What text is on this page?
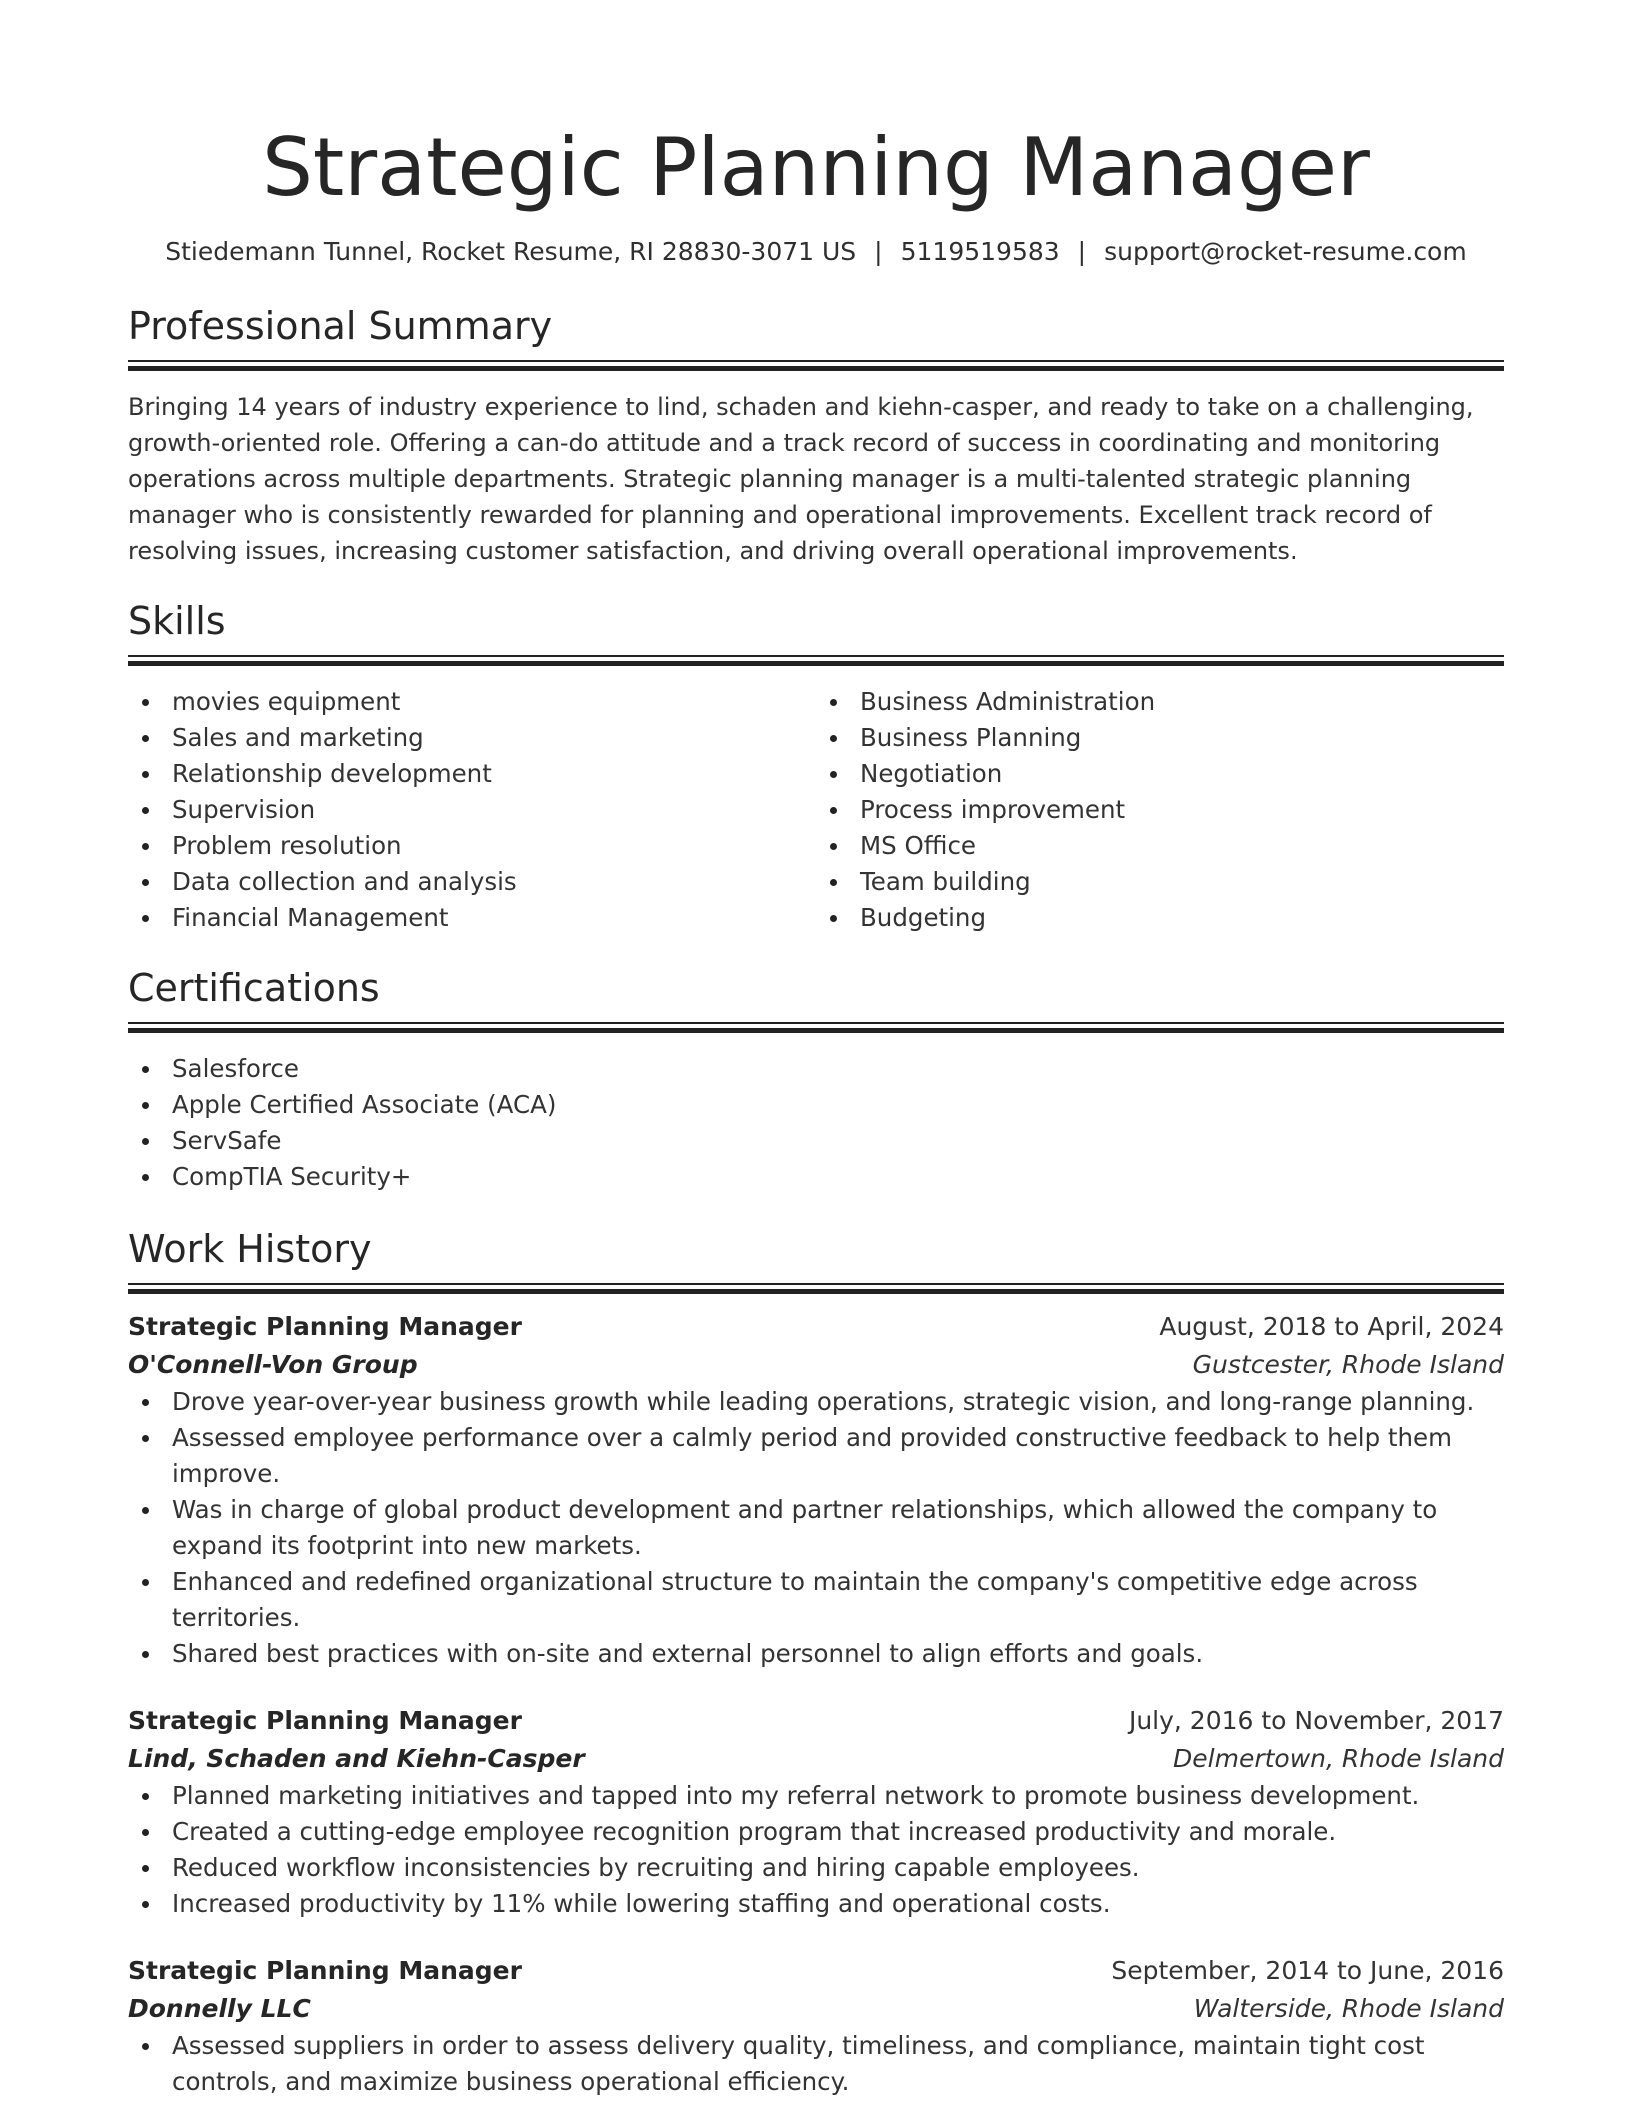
Strategic Planning Manager
Stiedemann Tunnel, Rocket Resume, RI 28830-3071 US | 5119519583 | support@rocket-resume.com
Professional Summary
Bringing 14 years of industry experience to lind, schaden and kiehn-casper, and ready to take on a challenging, growth-oriented role. Offering a can-do attitude and a track record of success in coordinating and monitoring operations across multiple departments. Strategic planning manager is a multi-talented strategic planning manager who is consistently rewarded for planning and operational improvements. Excellent track record of resolving issues, increasing customer satisfaction, and driving overall operational improvements.
Skills
movies equipment
Sales and marketing
Relationship development
Supervision
Problem resolution
Data collection and analysis
Financial Management
Business Administration
Business Planning
Negotiation
Process improvement
MS Office
Team building
Budgeting
Certifications
Salesforce
Apple Certified Associate (ACA)
ServSafe
CompTIA Security+
Work History
Strategic Planning Manager	August, 2018 to April, 2024
O'Connell-Von Group	Gustcester, Rhode Island
Drove year-over-year business growth while leading operations, strategic vision, and long-range planning.
Assessed employee performance over a calmly period and provided constructive feedback to help them improve.
Was in charge of global product development and partner relationships, which allowed the company to expand its footprint into new markets.
Enhanced and redefined organizational structure to maintain the company's competitive edge across territories.
Shared best practices with on-site and external personnel to align efforts and goals.
Strategic Planning Manager	July, 2016 to November, 2017
Lind, Schaden and Kiehn-Casper	Delmertown, Rhode Island
Planned marketing initiatives and tapped into my referral network to promote business development.
Created a cutting-edge employee recognition program that increased productivity and morale.
Reduced workflow inconsistencies by recruiting and hiring capable employees.
Increased productivity by 11% while lowering staffing and operational costs.
Strategic Planning Manager	September, 2014 to June, 2016
Donnelly LLC	Walterside, Rhode Island
Assessed suppliers in order to assess delivery quality, timeliness, and compliance, maintain tight cost controls, and maximize business operational efficiency.
